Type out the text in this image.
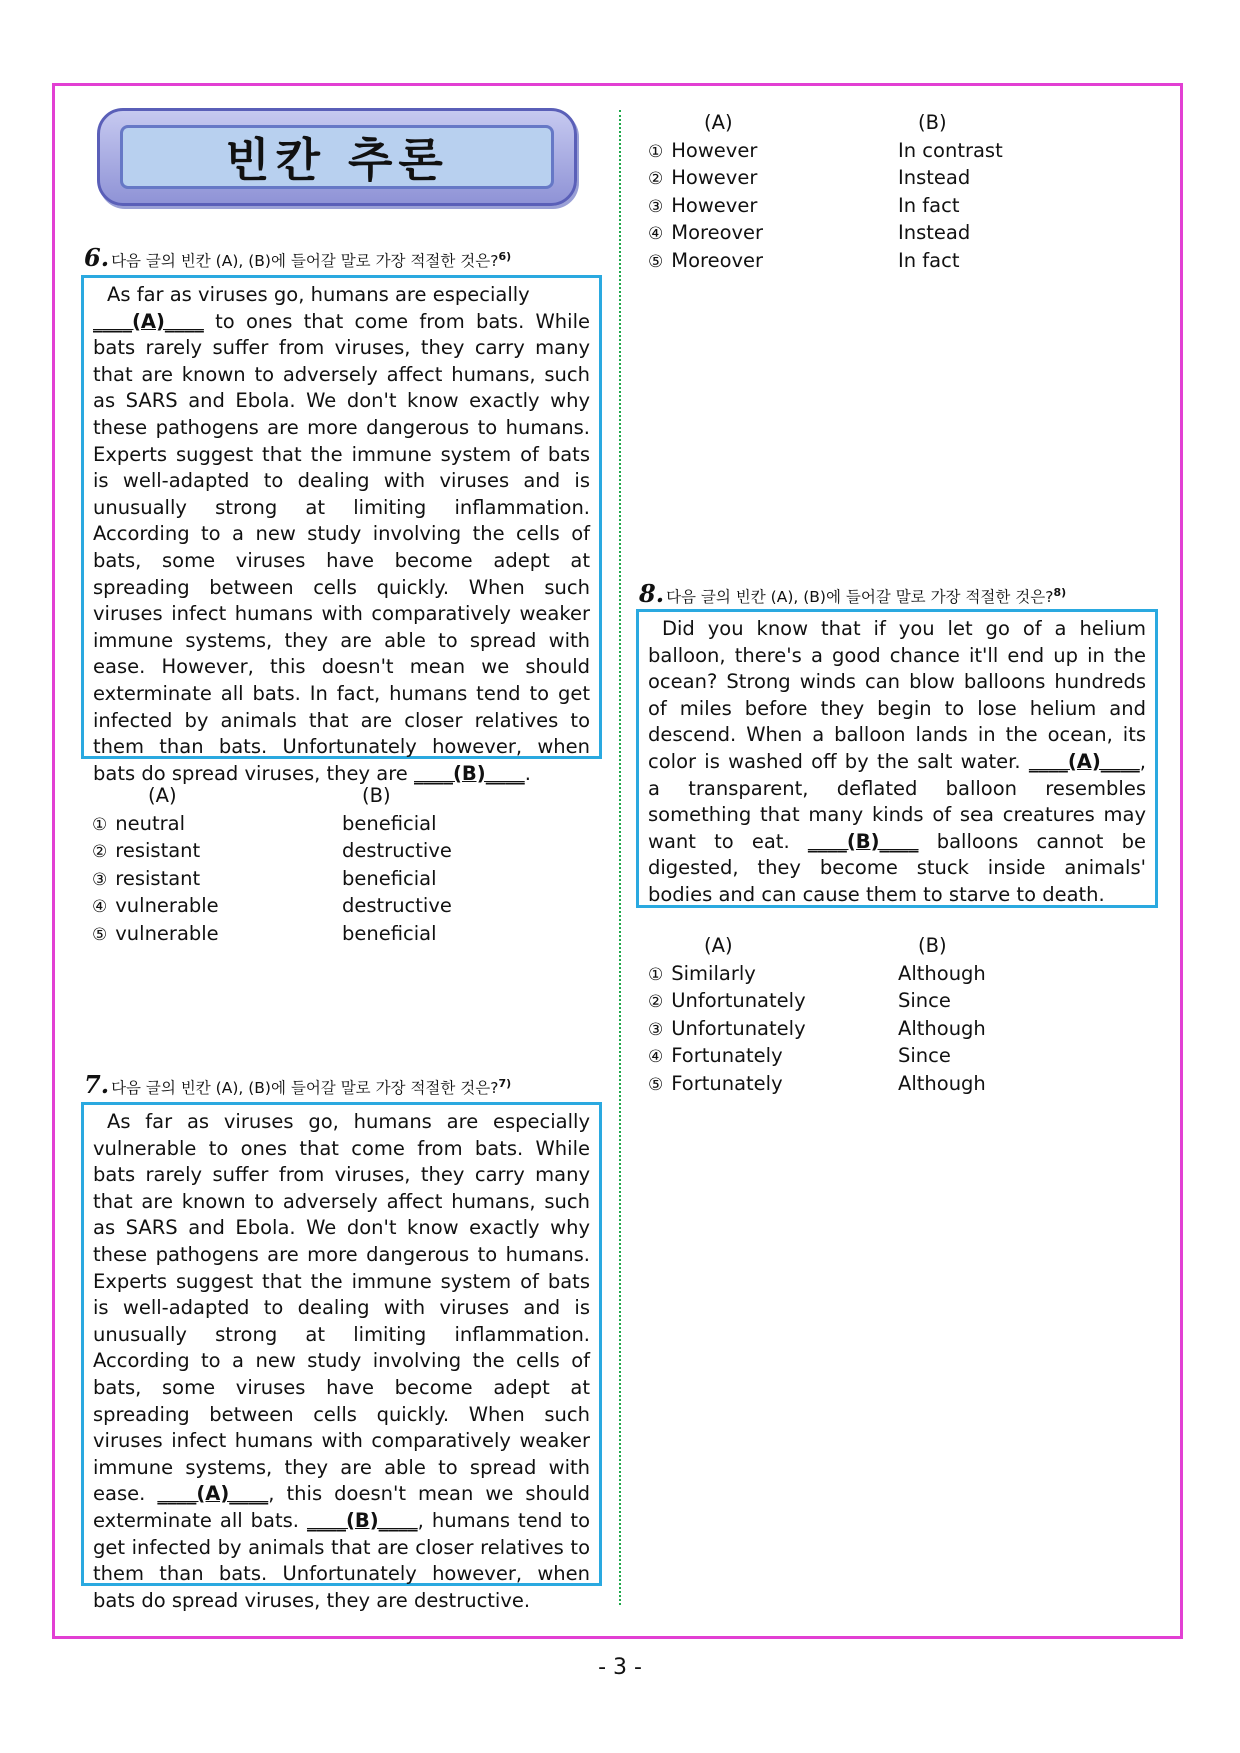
빈칸 추론
6. 다음 글의 빈칸 (A), (B)에 들어갈 말로 가장 적절한 것은?$^{6)}$
As far as viruses go, humans are especially
____(A)____ to ones that come from bats. While bats rarely suffer from viruses, they carry many that are known to adversely affect humans, such as SARS and Ebola. We don't know exactly why these pathogens are more dangerous to humans. Experts suggest that the immune system of bats is well-adapted to dealing with viruses and is unusually strong at limiting inflammation. According to a new study involving the cells of bats, some viruses have become adept at spreading between cells quickly. When such viruses infect humans with comparatively weaker immune systems, they are able to spread with ease. However, this doesn't mean we should exterminate all bats. In fact, humans tend to get infected by animals that are closer relatives to them than bats. Unfortunately however, when bats do spread viruses, they are ____(B)____.
(A)	(B)
① neutral	beneficial
② resistant	destructive
③ resistant	beneficial
④ vulnerable	destructive
⑤ vulnerable	beneficial
7. 다음 글의 빈칸 (A), (B)에 들어갈 말로 가장 적절한 것은?$^{7)}$
As far as viruses go, humans are especially vulnerable to ones that come from bats. While bats rarely suffer from viruses, they carry many that are known to adversely affect humans, such as SARS and Ebola. We don't know exactly why these pathogens are more dangerous to humans. Experts suggest that the immune system of bats is well-adapted to dealing with viruses and is unusually strong at limiting inflammation. According to a new study involving the cells of bats, some viruses have become adept at spreading between cells quickly. When such viruses infect humans with comparatively weaker immune systems, they are able to spread with ease. ____(A)____, this doesn't mean we should exterminate all bats. ____(B)____, humans tend to get infected by animals that are closer relatives to them than bats. Unfortunately however, when bats do spread viruses, they are destructive.
(A)	(B)
① However	In contrast
② However	Instead
③ However	In fact
④ Moreover	Instead
⑤ Moreover	In fact
8. 다음 글의 빈칸 (A), (B)에 들어갈 말로 가장 적절한 것은?$^{8)}$
Did you know that if you let go of a helium balloon, there's a good chance it'll end up in the ocean? Strong winds can blow balloons hundreds of miles before they begin to lose helium and descend. When a balloon lands in the ocean, its color is washed off by the salt water. ____(A)____, a transparent, deflated balloon resembles something that many kinds of sea creatures may want to eat. ____(B)____ balloons cannot be digested, they become stuck inside animals' bodies and can cause them to starve to death.
(A)	(B)
① Similarly	Although
② Unfortunately	Since
③ Unfortunately	Although
④ Fortunately	Since
⑤ Fortunately	Although
- 3 -
